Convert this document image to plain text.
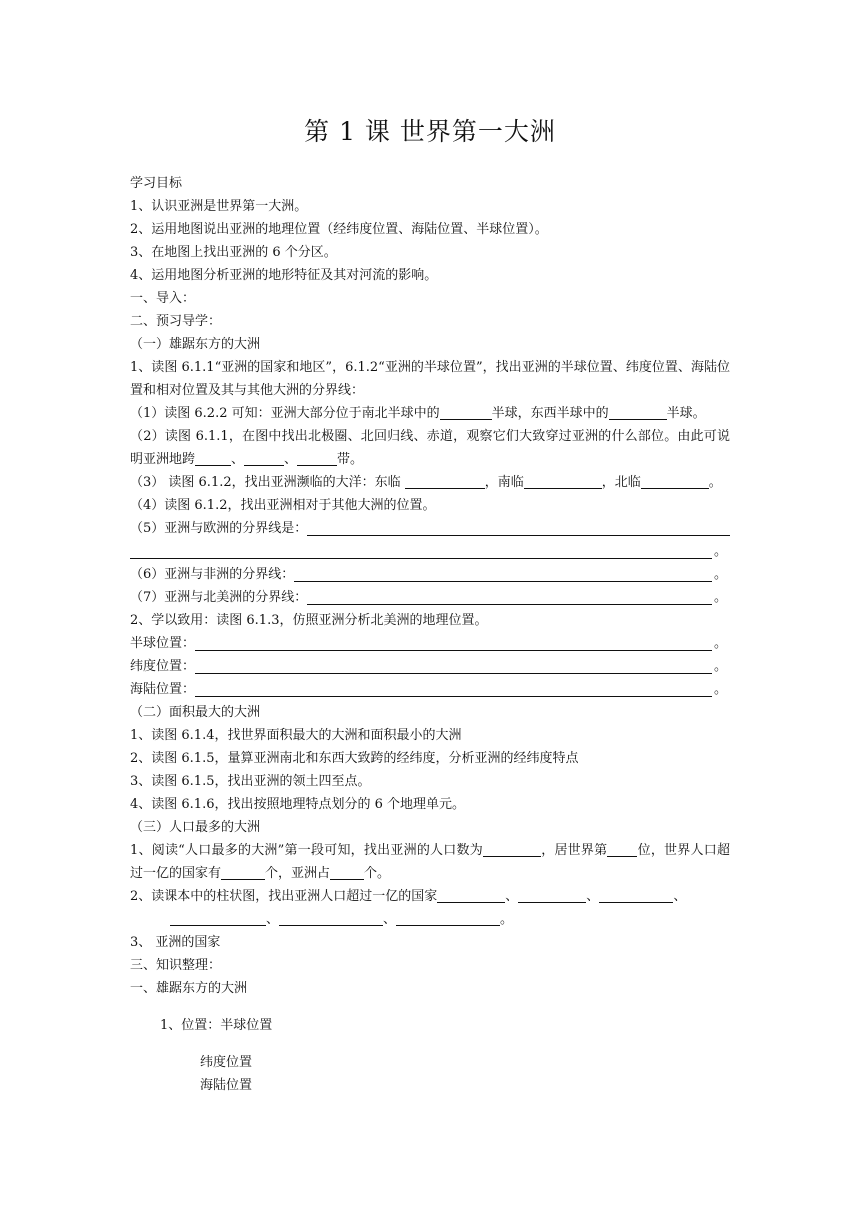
第 1 课 世界第一大洲
学习目标
1、认识亚洲是世界第一大洲。
2、运用地图说出亚洲的地理位置（经纬度位置、海陆位置、半球位置）。
3、在地图上找出亚洲的 6 个分区。
4、运用地图分析亚洲的地形特征及其对河流的影响。
一、导入：
二、预习导学：
（一）雄踞东方的大洲
1、读图 6.1.1“亚洲的国家和地区”，6.1.2“亚洲的半球位置”，找出亚洲的半球位置、纬度位置、海陆位置和相对位置及其与其他大洲的分界线：
（1）读图 6.2.2 可知：亚洲大部分位于南北半球中的	半球，东西半球中的	半球。
（2）读图 6.1.1，在图中找出北极圈、北回归线、赤道，观察它们大致穿过亚洲的什么部位。由此可说明亚洲地跨	、	、	带。
（3） 读图 6.1.2，找出亚洲濒临的大洋：东临	，南临	，北临	。
（4）读图 6.1.2，找出亚洲相对于其他大洲的位置。
（5）亚洲与欧洲的分界线是：
。
（6）亚洲与非洲的分界线：	。
（7）亚洲与北美洲的分界线：	。
2、学以致用：读图 6.1.3，仿照亚洲分析北美洲的地理位置。
半球位置：	。
纬度位置：	。
海陆位置：	。
（二）面积最大的大洲
1、读图 6.1.4，找世界面积最大的大洲和面积最小的大洲
2、读图 6.1.5，量算亚洲南北和东西大致跨的经纬度，分析亚洲的经纬度特点
3、读图 6.1.5，找出亚洲的领土四至点。
4、读图 6.1.6，找出按照地理特点划分的 6 个地理单元。
（三）人口最多的大洲
1、阅读“人口最多的大洲”第一段可知，找出亚洲的人口数为	，居世界第 位，世界人口超过一亿的国家有	个，亚洲占	个。
2、读课本中的柱状图，找出亚洲人口超过一亿的国家	、	、	、
、	、	。
3、 亚洲的国家
三、知识整理：
一、雄踞东方的大洲
1、位置：半球位置
纬度位置
海陆位置
